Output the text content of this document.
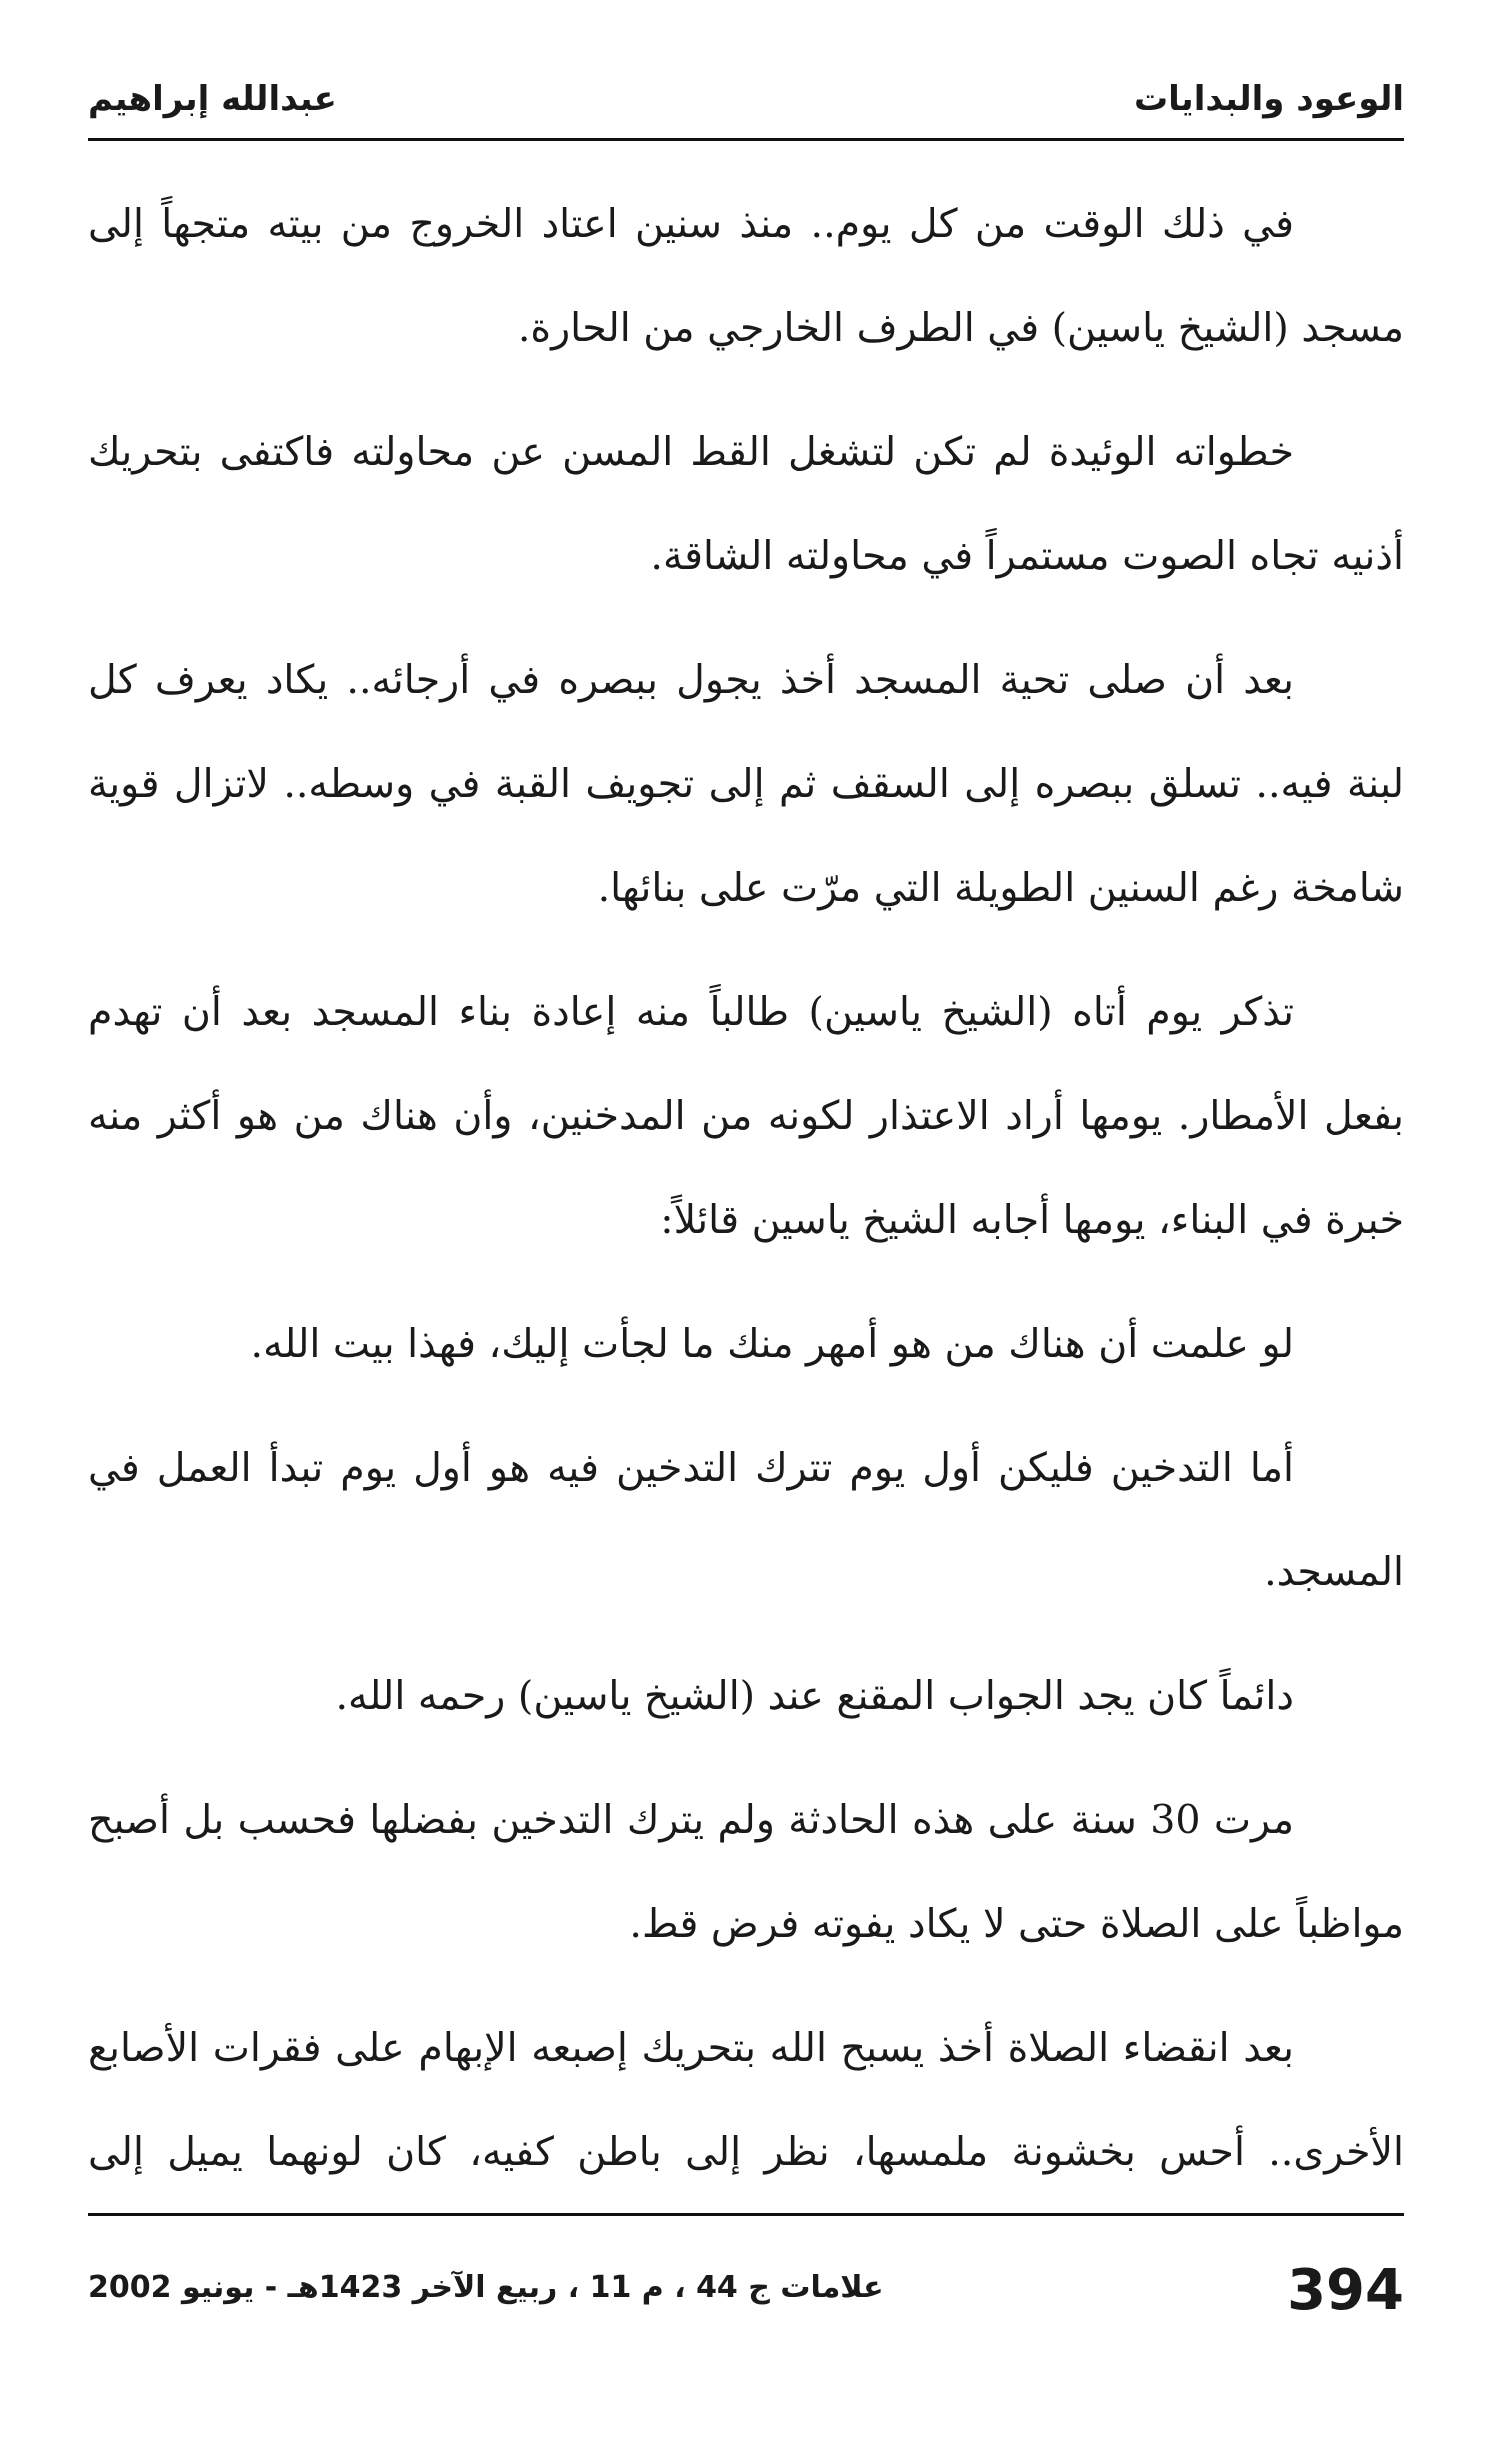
الوعود والبدايات
عبدالله إبراهيم

في ذلك الوقت من كل يوم.. منذ سنين اعتاد الخروج من بيته متجهاً إلى مسجد (الشيخ ياسين) في الطرف الخارجي من الحارة.

خطواته الوئيدة لم تكن لتشغل القط المسن عن محاولته فاكتفى بتحريك أذنيه تجاه الصوت مستمراً في محاولته الشاقة.

بعد أن صلى تحية المسجد أخذ يجول ببصره في أرجائه.. يكاد يعرف كل لبنة فيه.. تسلق ببصره إلى السقف ثم إلى تجويف القبة في وسطه.. لاتزال قوية شامخة رغم السنين الطويلة التي مرّت على بنائها.

تذكر يوم أتاه (الشيخ ياسين) طالباً منه إعادة بناء المسجد بعد أن تهدم بفعل الأمطار. يومها أراد الاعتذار لكونه من المدخنين، وأن هناك من هو أكثر منه خبرة في البناء، يومها أجابه الشيخ ياسين قائلاً:

لو علمت أن هناك من هو أمهر منك ما لجأت إليك، فهذا بيت الله.

أما التدخين فليكن أول يوم تترك التدخين فيه هو أول يوم تبدأ العمل في المسجد.

دائماً كان يجد الجواب المقنع عند (الشيخ ياسين) رحمه الله.

مرت 30 سنة على هذه الحادثة ولم يترك التدخين بفضلها فحسب بل أصبح مواظباً على الصلاة حتى لا يكاد يفوته فرض قط.

بعد انقضاء الصلاة أخذ يسبح الله بتحريك إصبعه الإبهام على فقرات الأصابع الأخرى.. أحس بخشونة ملمسها، نظر إلى باطن كفيه، كان لونهما يميل إلى

394
علامات ج 44 ، م 11 ، ربيع الآخر 1423هـ - يونيو 2002
